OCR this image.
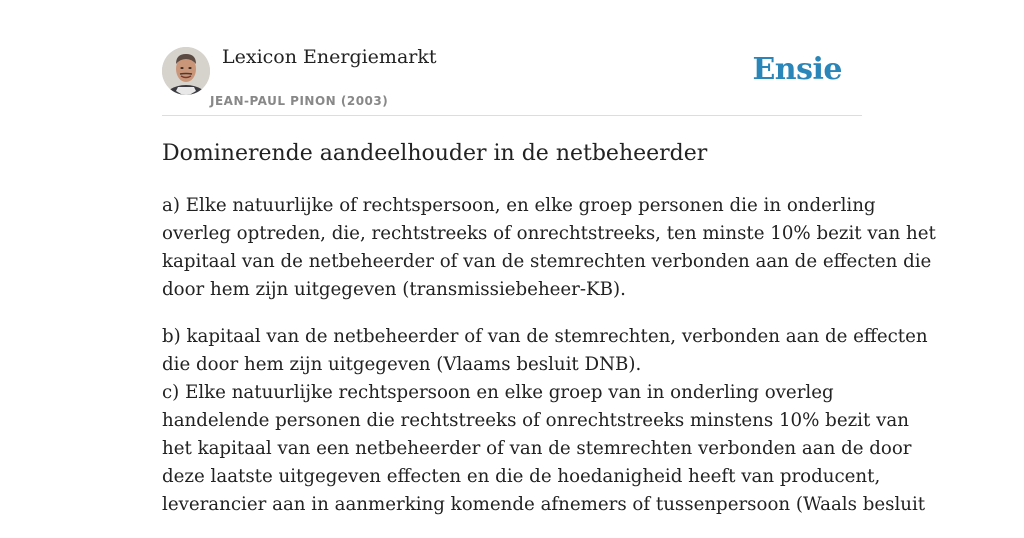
Lexicon Energiemarkt
JEAN-PAUL PINON (2003)
Ensie
Dominerende aandeelhouder in de netbeheerder

a) Elke natuurlijke of rechtspersoon, en elke groep personen die in onderling
overleg optreden, die, rechtstreeks of onrechtstreeks, ten minste 10% bezit van het
kapitaal van de netbeheerder of van de stemrechten verbonden aan de effecten die
door hem zijn uitgegeven (transmissiebeheer-KB).

b) kapitaal van de netbeheerder of van de stemrechten, verbonden aan de effecten
die door hem zijn uitgegeven (Vlaams besluit DNB).
c) Elke natuurlijke rechtspersoon en elke groep van in onderling overleg
handelende personen die rechtstreeks of onrechtstreeks minstens 10% bezit van
het kapitaal van een netbeheerder of van de stemrechten verbonden aan de door
deze laatste uitgegeven effecten en die de hoedanigheid heeft van producent,
leverancier aan in aanmerking komende afnemers of tussenpersoon (Waals besluit
